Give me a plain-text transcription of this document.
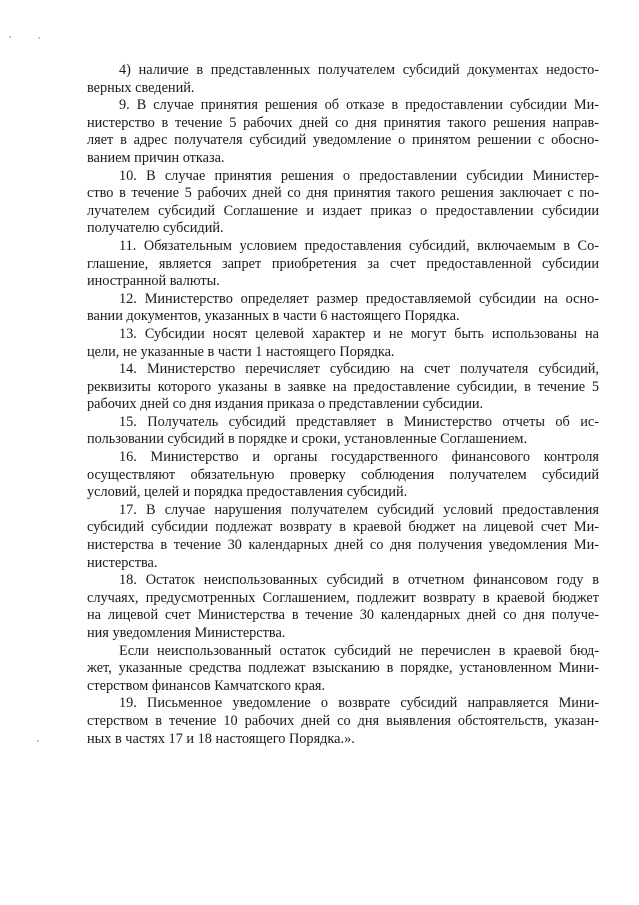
4) наличие в представленных получателем субсидий документах недосто-
верных сведений.
9. В случае принятия решения об отказе в предоставлении субсидии Ми-
нистерство в течение 5 рабочих дней со дня принятия такого решения направ-
ляет в адрес получателя субсидий уведомление о принятом решении с обосно-
ванием причин отказа.
10. В случае принятия решения о предоставлении субсидии Министер-
ство в течение 5 рабочих дней со дня принятия такого решения заключает с по-
лучателем субсидий Соглашение и издает приказ о предоставлении субсидии
получателю субсидий.
11. Обязательным условием предоставления субсидий, включаемым в Со-
глашение, является запрет приобретения за счет предоставленной субсидии
иностранной валюты.
12. Министерство определяет размер предоставляемой субсидии на осно-
вании документов, указанных в части 6 настоящего Порядка.
13. Субсидии носят целевой характер и не могут быть использованы на
цели, не указанные в части 1 настоящего Порядка.
14. Министерство перечисляет субсидию на счет получателя субсидий,
реквизиты которого указаны в заявке на предоставление субсидии, в течение 5
рабочих дней со дня издания приказа о представлении субсидии.
15. Получатель субсидий представляет в Министерство отчеты об ис-
пользовании субсидий в порядке и сроки, установленные Соглашением.
16. Министерство и органы государственного финансового контроля
осуществляют обязательную проверку соблюдения получателем субсидий
условий, целей и порядка предоставления субсидий.
17. В случае нарушения получателем субсидий условий предоставления
субсидий субсидии подлежат возврату в краевой бюджет на лицевой счет Ми-
нистерства в течение 30 календарных дней со дня получения уведомления Ми-
нистерства.
18. Остаток неиспользованных субсидий в отчетном финансовом году в
случаях, предусмотренных Соглашением, подлежит возврату в краевой бюджет
на лицевой счет Министерства в течение 30 календарных дней со дня получе-
ния уведомления Министерства.
Если неиспользованный остаток субсидий не перечислен в краевой бюд-
жет, указанные средства подлежат взысканию в порядке, установленном Мини-
стерством финансов Камчатского края.
19. Письменное уведомление о возврате субсидий направляется Мини-
стерством в течение 10 рабочих дней со дня выявления обстоятельств, указан-
ных в частях 17 и 18 настоящего Порядка.».
